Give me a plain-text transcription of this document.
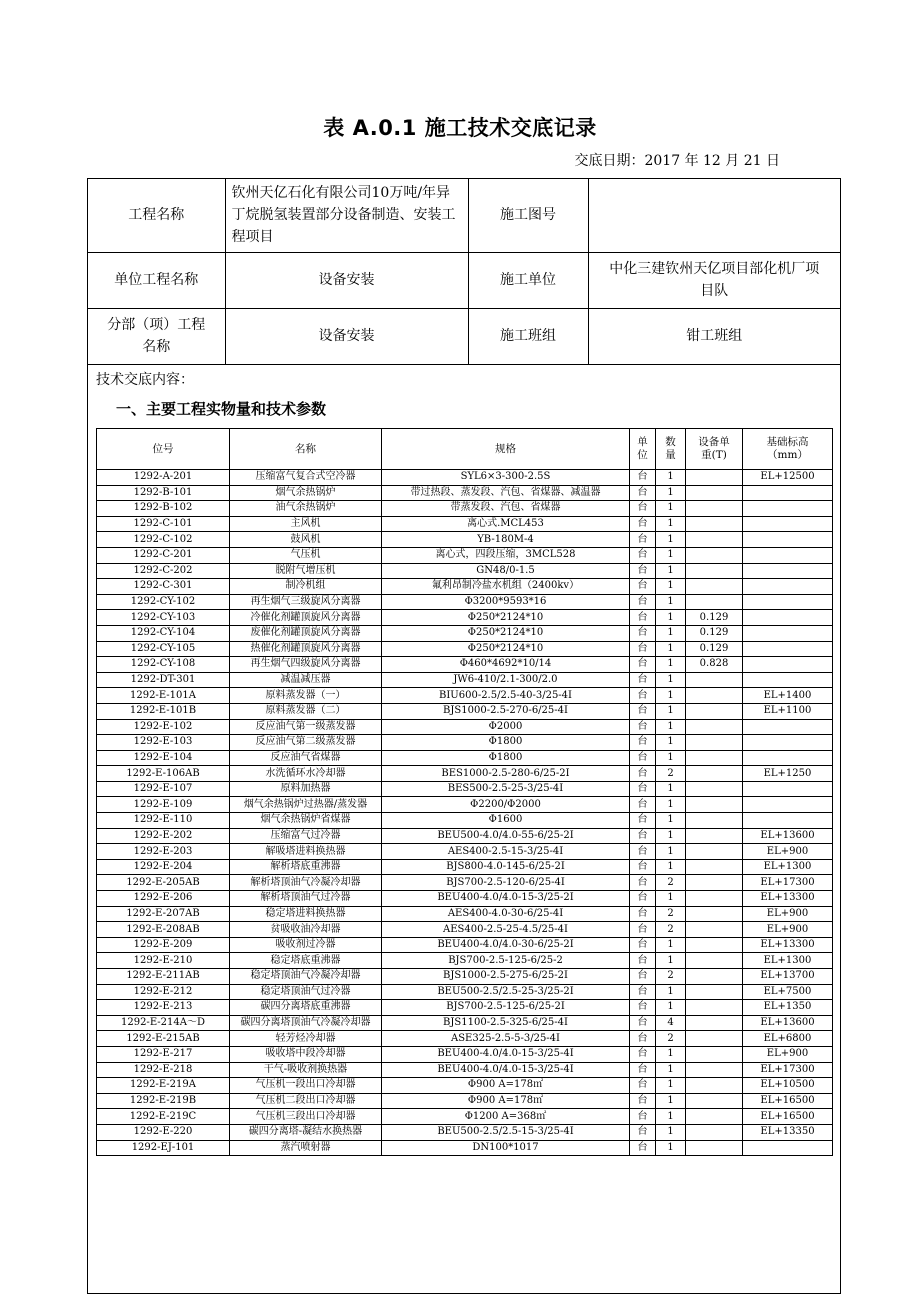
表 A.0.1 施工技术交底记录
交底日期：2017 年 12 月 21 日
工程名称	钦州天亿石化有限公司10万吨/年异丁烷脱氢装置部分设备制造、安装工程项目	施工图号	
单位工程名称	设备安装	施工单位	中化三建钦州天亿项目部化机厂项目队
分部（项）工程名称	设备安装	施工班组	钳工班组
技术交底内容：
一、主要工程实物量和技术参数
位号	名称	规格	单位	数量	设备单重(T)	基础标高（mm）
1292-A-201	压缩富气复合式空冷器	SYL6×3-300-2.5S	台	1		EL+12500
1292-B-101	烟气余热锅炉	带过热段、蒸发段、汽包、省煤器、减温器	台	1		
1292-B-102	油气余热锅炉	带蒸发段、汽包、省煤器	台	1		
1292-C-101	主风机	离心式.MCL453	台	1		
1292-C-102	鼓风机	YB-180M-4	台	1		
1292-C-201	气压机	离心式，四段压缩，3MCL528	台	1		
1292-C-202	脱附气增压机	GN48/0-1.5	台	1		
1292-C-301	制冷机组	氟利昂制冷盐水机组（2400kv）	台	1		
1292-CY-102	再生烟气三级旋风分离器	Φ3200*9593*16	台	1		
1292-CY-103	冷催化剂罐顶旋风分离器	Φ250*2124*10	台	1	0.129	
1292-CY-104	废催化剂罐顶旋风分离器	Φ250*2124*10	台	1	0.129	
1292-CY-105	热催化剂罐顶旋风分离器	Φ250*2124*10	台	1	0.129	
1292-CY-108	再生烟气四级旋风分离器	Φ460*4692*10/14	台	1	0.828	
1292-DT-301	减温减压器	JW6-410/2.1-300/2.0	台	1		
1292-E-101A	原料蒸发器（一）	BIU600-2.5/2.5-40-3/25-4I	台	1		EL+1400
1292-E-101B	原料蒸发器（二）	BJS1000-2.5-270-6/25-4I	台	1		EL+1100
1292-E-102	反应油气第一级蒸发器	Φ2000	台	1		
1292-E-103	反应油气第二级蒸发器	Φ1800	台	1		
1292-E-104	反应油气省煤器	Φ1800	台	1		
1292-E-106AB	水洗循环水冷却器	BES1000-2.5-280-6/25-2I	台	2		EL+1250
1292-E-107	原料加热器	BES500-2.5-25-3/25-4I	台	1		
1292-E-109	烟气余热锅炉过热器/蒸发器	Φ2200/Φ2000	台	1		
1292-E-110	烟气余热锅炉省煤器	Φ1600	台	1		
1292-E-202	压缩富气过冷器	BEU500-4.0/4.0-55-6/25-2I	台	1		EL+13600
1292-E-203	解吸塔进料换热器	AES400-2.5-15-3/25-4I	台	1		EL+900
1292-E-204	解析塔底重沸器	BJS800-4.0-145-6/25-2I	台	1		EL+1300
1292-E-205AB	解析塔顶油气冷凝冷却器	BJS700-2.5-120-6/25-4I	台	2		EL+17300
1292-E-206	解析塔顶油气过冷器	BEU400-4.0/4.0-15-3/25-2I	台	1		EL+13300
1292-E-207AB	稳定塔进料换热器	AES400-4.0-30-6/25-4I	台	2		EL+900
1292-E-208AB	贫吸收油冷却器	AES400-2.5-25-4.5/25-4I	台	2		EL+900
1292-E-209	吸收剂过冷器	BEU400-4.0/4.0-30-6/25-2I	台	1		EL+13300
1292-E-210	稳定塔底重沸器	BJS700-2.5-125-6/25-2	台	1		EL+1300
1292-E-211AB	稳定塔顶油气冷凝冷却器	BJS1000-2.5-275-6/25-2I	台	2		EL+13700
1292-E-212	稳定塔顶油气过冷器	BEU500-2.5/2.5-25-3/25-2I	台	1		EL+7500
1292-E-213	碳四分离塔底重沸器	BJS700-2.5-125-6/25-2I	台	1		EL+1350
1292-E-214A～D	碳四分离塔顶油气冷凝冷却器	BJS1100-2.5-325-6/25-4I	台	4		EL+13600
1292-E-215AB	轻芳烃冷却器	ASE325-2.5-5-3/25-4I	台	2		EL+6800
1292-E-217	吸收塔中段冷却器	BEU400-4.0/4.0-15-3/25-4I	台	1		EL+900
1292-E-218	干气-吸收剂换热器	BEU400-4.0/4.0-15-3/25-4I	台	1		EL+17300
1292-E-219A	气压机一段出口冷却器	Φ900 A=178㎡	台	1		EL+10500
1292-E-219B	气压机二段出口冷却器	Φ900 A=178㎡	台	1		EL+16500
1292-E-219C	气压机三段出口冷却器	Φ1200 A=368㎡	台	1		EL+16500
1292-E-220	碳四分离塔-凝结水换热器	BEU500-2.5/2.5-15-3/25-4I	台	1		EL+13350
1292-EJ-101	蒸汽喷射器	DN100*1017	台	1		
